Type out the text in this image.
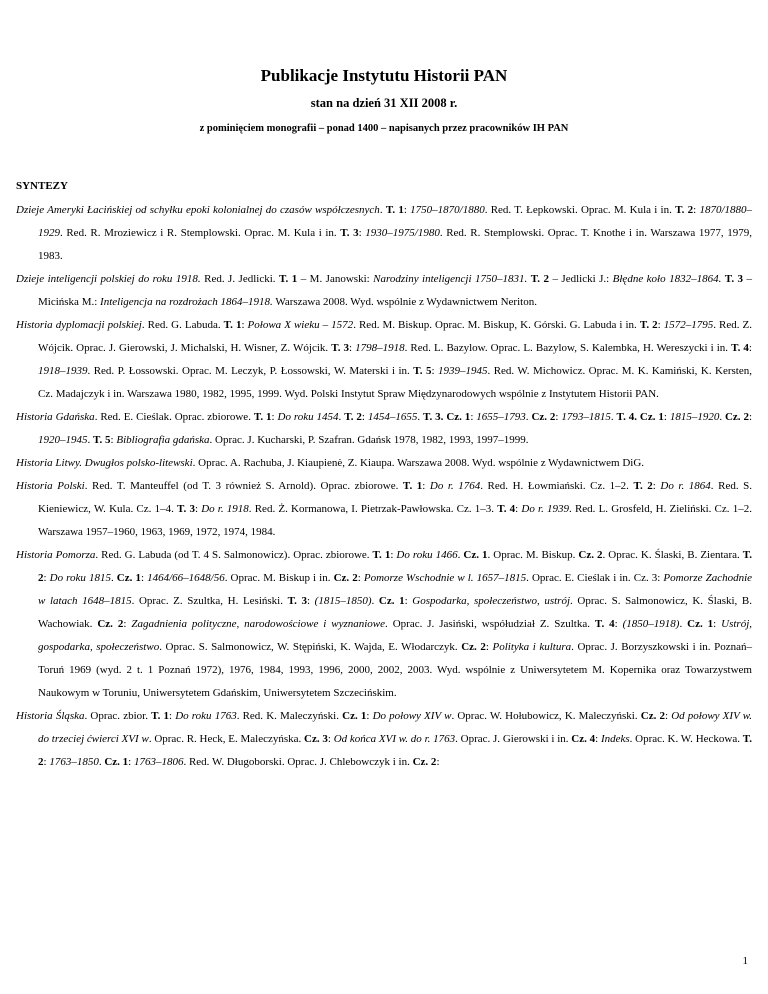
Publikacje Instytutu Historii PAN
stan na dzień 31 XII 2008 r.
z pominięciem monografii – ponad 1400 – napisanych przez pracowników IH PAN
SYNTEZY

Dzieje Ameryki Łacińskiej od schyłku epoki kolonialnej do czasów współczesnych. T. 1: 1750–1870/1880. Red. T. Łepkowski. Oprac. M. Kula i in. T. 2: 1870/1880–1929. Red. R. Mroziewicz i R. Stemplowski. Oprac. M. Kula i in. T. 3: 1930–1975/1980. Red. R. Stemplowski. Oprac. T. Knothe i in. Warszawa 1977, 1979, 1983.

Dzieje inteligencji polskiej do roku 1918. Red. J. Jedlicki. T. 1 – M. Janowski: Narodziny inteligencji 1750–1831. T. 2 – Jedlicki J.: Błędne koło 1832–1864. T. 3 – Micińska M.: Inteligencja na rozdrożach 1864–1918. Warszawa 2008. Wyd. wspólnie z Wydawnictwem Neriton.

Historia dyplomacji polskiej. Red. G. Labuda. T. 1: Połowa X wieku – 1572. Red. M. Biskup. Oprac. M. Biskup, K. Górski. G. Labuda i in. T. 2: 1572–1795. Red. Z. Wójcik. Oprac. J. Gierowski, J. Michalski, H. Wisner, Z. Wójcik. T. 3: 1798–1918. Red. L. Bazylow. Oprac. L. Bazylow, S. Kalembka, H. Wereszycki i in. T. 4: 1918–1939. Red. P. Łossowski. Oprac. M. Leczyk, P. Łossowski, W. Materski i in. T. 5: 1939–1945. Red. W. Michowicz. Oprac. M. K. Kamiński, K. Kersten, Cz. Madajczyk i in. Warszawa 1980, 1982, 1995, 1999. Wyd. Polski Instytut Spraw Międzynarodowych wspólnie z Instytutem Historii PAN.

Historia Gdańska. Red. E. Cieślak. Oprac. zbiorowe. T. 1: Do roku 1454. T. 2: 1454–1655. T. 3. Cz. 1: 1655–1793. Cz. 2: 1793–1815. T. 4. Cz. 1: 1815–1920. Cz. 2: 1920–1945. T. 5: Bibliografia gdańska. Oprac. J. Kucharski, P. Szafran. Gdańsk 1978, 1982, 1993, 1997–1999.

Historia Litwy. Dwugłos polsko-litewski. Oprac. A. Rachuba, J. Kiaupienė, Z. Kiaupa. Warszawa 2008. Wyd. wspólnie z Wydawnictwem DiG.

Historia Polski. Red. T. Manteuffel (od T. 3 również S. Arnold). Oprac. zbiorowe. T. 1: Do r. 1764. Red. H. Łowmiański. Cz. 1–2. T. 2: Do r. 1864. Red. S. Kieniewicz, W. Kula. Cz. 1–4. T. 3: Do r. 1918. Red. Ż. Kormanowa, I. Pietrzak-Pawłowska. Cz. 1–3. T. 4: Do r. 1939. Red. L. Grosfeld, H. Zieliński. Cz. 1–2. Warszawa 1957–1960, 1963, 1969, 1972, 1974, 1984.

Historia Pomorza. Red. G. Labuda (od T. 4 S. Salmonowicz). Oprac. zbiorowe. T. 1: Do roku 1466. Cz. 1. Oprac. M. Biskup. Cz. 2. Oprac. K. Ślaski, B. Zientara. T. 2: Do roku 1815. Cz. 1: 1464/66–1648/56. Oprac. M. Biskup i in. Cz. 2: Pomorze Wschodnie w l. 1657–1815. Oprac. E. Cieślak i in. Cz. 3: Pomorze Zachodnie w latach 1648–1815. Oprac. Z. Szultka, H. Lesiński. T. 3: (1815–1850). Cz. 1: Gospodarka, społeczeństwo, ustrój. Oprac. S. Salmonowicz, K. Ślaski, B. Wachowiak. Cz. 2: Zagadnienia polityczne, narodowościowe i wyznaniowe. Oprac. J. Jasiński, współudział Z. Szultka. T. 4: (1850–1918). Cz. 1: Ustrój, gospodarka, społeczeństwo. Oprac. S. Salmonowicz, W. Stępiński, K. Wajda, E. Włodarczyk. Cz. 2: Polityka i kultura. Oprac. J. Borzyszkowski i in. Poznań–Toruń 1969 (wyd. 2 t. 1 Poznań 1972), 1976, 1984, 1993, 1996, 2000, 2002, 2003. Wyd. wspólnie z Uniwersytetem M. Kopernika oraz Towarzystwem Naukowym w Toruniu, Uniwersytetem Gdańskim, Uniwersytetem Szczecińskim.

Historia Śląska. Oprac. zbior. T. 1: Do roku 1763. Red. K. Maleczyński. Cz. 1: Do połowy XIV w. Oprac. W. Hołubowicz, K. Maleczyński. Cz. 2: Od połowy XIV w. do trzeciej ćwierci XVI w. Oprac. R. Heck, E. Maleczyńska. Cz. 3: Od końca XVI w. do r. 1763. Oprac. J. Gierowski i in. Cz. 4: Indeks. Oprac. K. W. Heckowa. T. 2: 1763–1850. Cz. 1: 1763–1806. Red. W. Długoborski. Oprac. J. Chlebowczyk i in. Cz. 2:

1
